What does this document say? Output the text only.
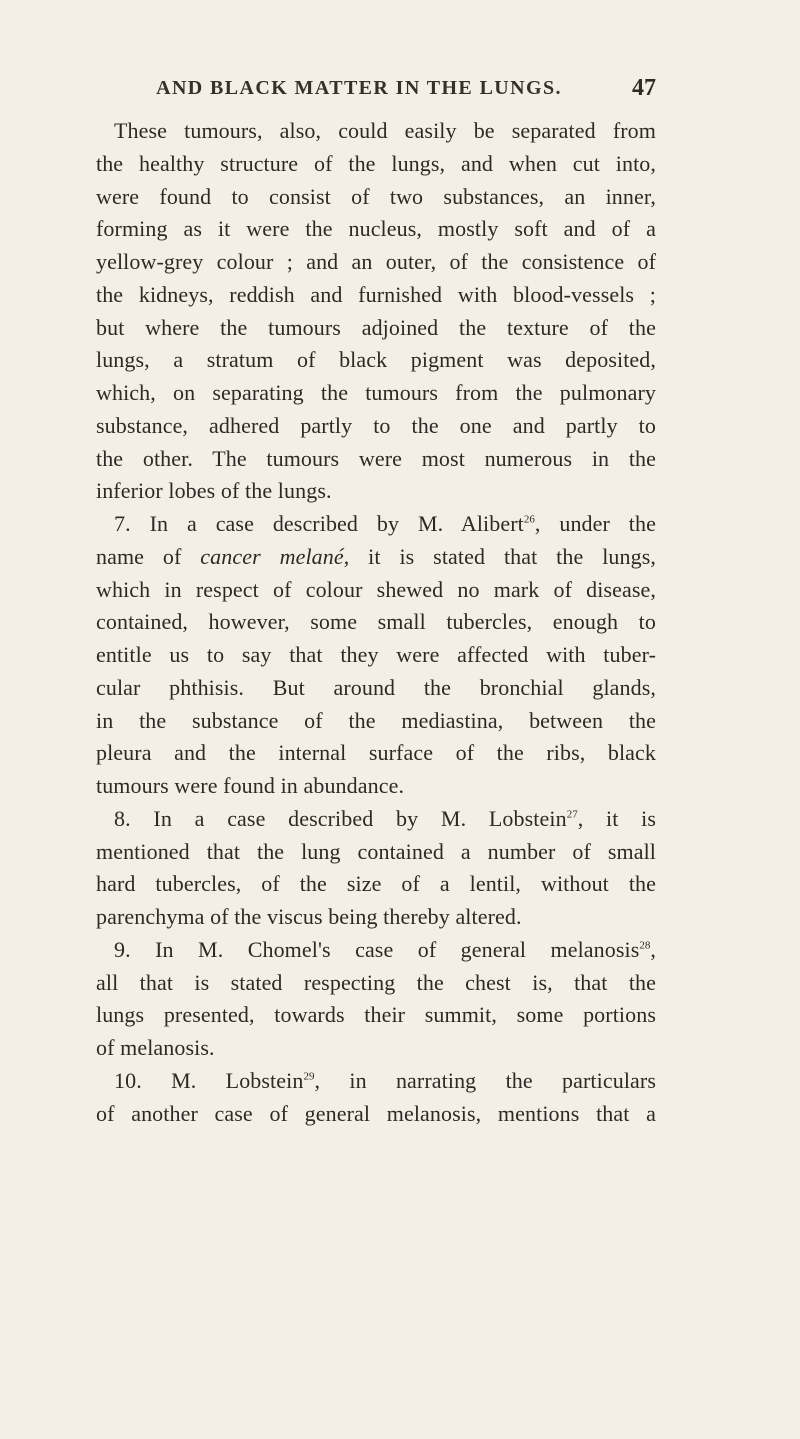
AND BLACK MATTER IN THE LUNGS.	47
These tumours, also, could easily be separated from
the healthy structure of the lungs, and when cut into,
were found to consist of two substances, an inner,
forming as it were the nucleus, mostly soft and of a
yellow-grey colour ; and an outer, of the consistence of
the kidneys, reddish and furnished with blood-vessels ;
but where the tumours adjoined the texture of the
lungs, a stratum of black pigment was deposited,
which, on separating the tumours from the pulmonary
substance, adhered partly to the one and partly to
the other. The tumours were most numerous in the
inferior lobes of the lungs.
7. In a case described by M. Alibert$^{26}$, under the
name of cancer melané, it is stated that the lungs,
which in respect of colour shewed no mark of disease,
contained, however, some small tubercles, enough to
entitle us to say that they were affected with tuber-
cular phthisis. But around the bronchial glands,
in the substance of the mediastina, between the
pleura and the internal surface of the ribs, black
tumours were found in abundance.
8. In a case described by M. Lobstein$^{27}$, it is
mentioned that the lung contained a number of small
hard tubercles, of the size of a lentil, without the
parenchyma of the viscus being thereby altered.
9. In M. Chomel's case of general melanosis$^{28}$,
all that is stated respecting the chest is, that the
lungs presented, towards their summit, some portions
of melanosis.
10. M. Lobstein$^{29}$, in narrating the particulars
of another case of general melanosis, mentions that a
